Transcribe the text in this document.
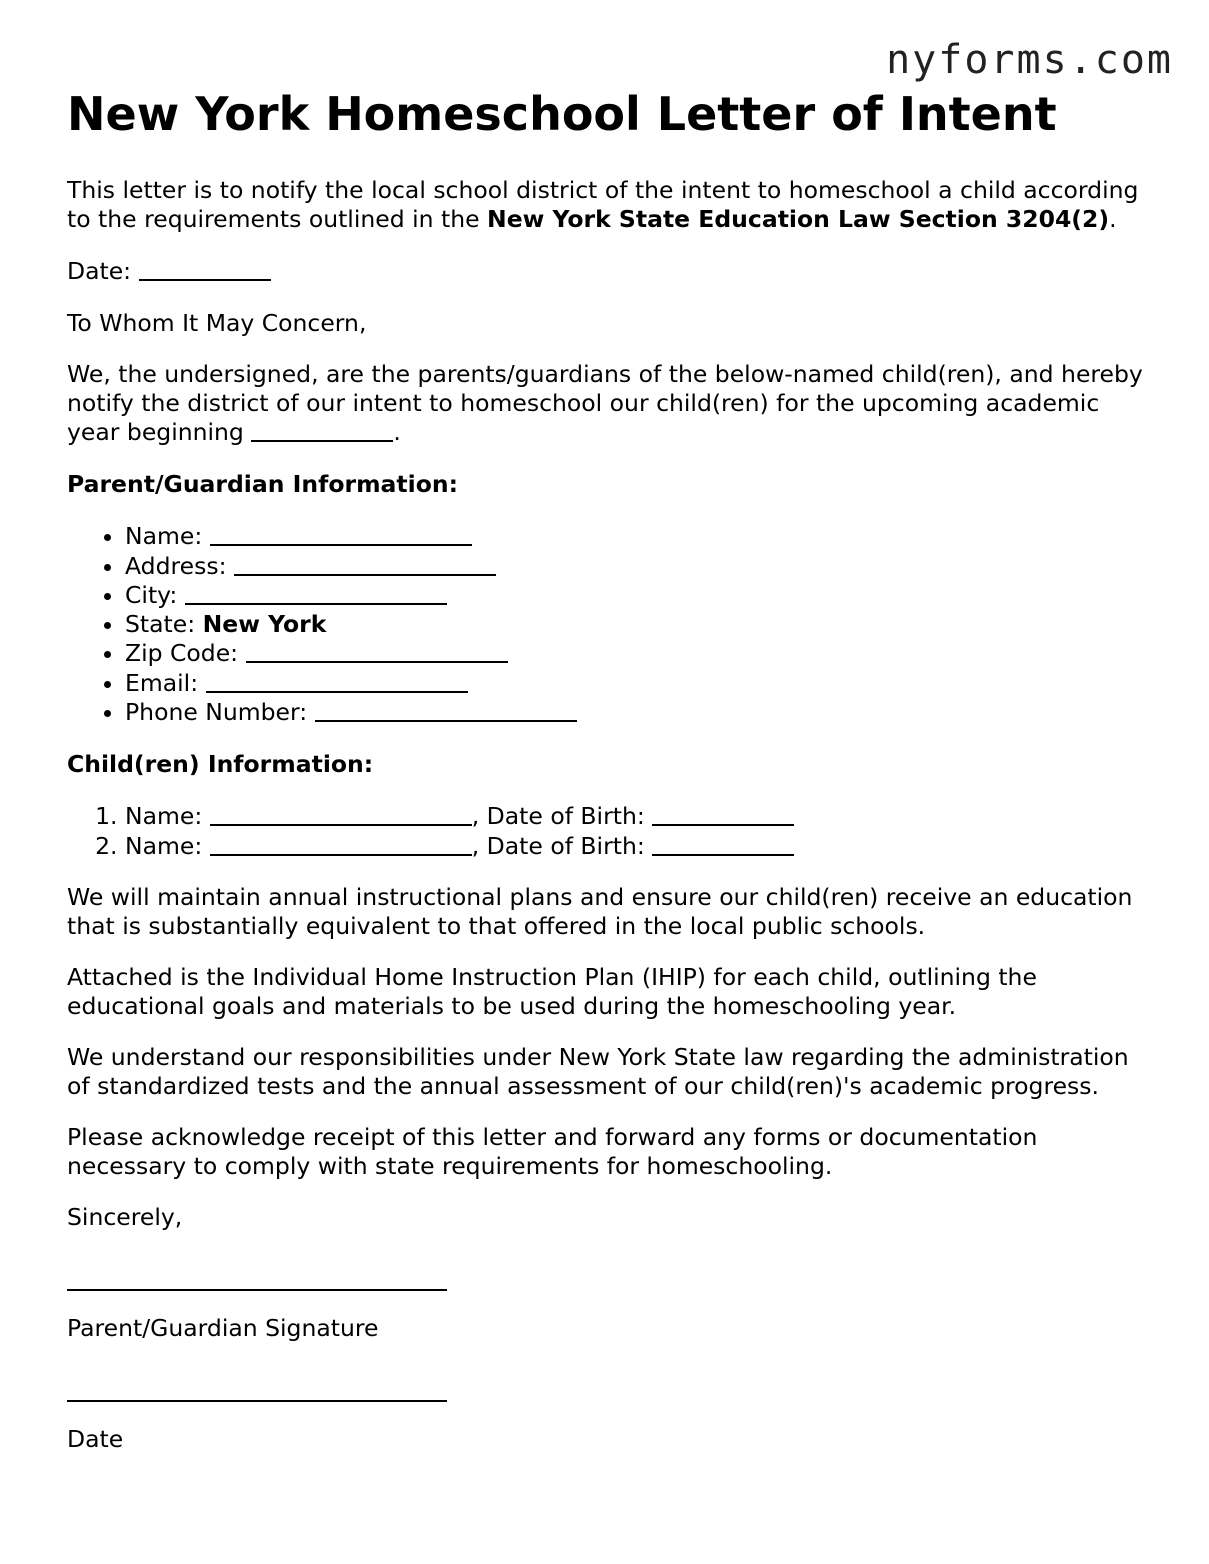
nyforms.com
New York Homeschool Letter of Intent

This letter is to notify the local school district of the intent to homeschool a child according to the requirements outlined in the New York State Education Law Section 3204(2).

Date:

To Whom It May Concern,

We, the undersigned, are the parents/guardians of the below-named child(ren), and hereby notify the district of our intent to homeschool our child(ren) for the upcoming academic year beginning	.

Parent/Guardian Information:

• Name:
• Address:
• City:
• State: New York
• Zip Code:
• Email:
• Phone Number:

Child(ren) Information:

1. Name:	, Date of Birth:
2. Name:	, Date of Birth:

We will maintain annual instructional plans and ensure our child(ren) receive an education that is substantially equivalent to that offered in the local public schools.

Attached is the Individual Home Instruction Plan (IHIP) for each child, outlining the educational goals and materials to be used during the homeschooling year.

We understand our responsibilities under New York State law regarding the administration of standardized tests and the annual assessment of our child(ren)'s academic progress.

Please acknowledge receipt of this letter and forward any forms or documentation necessary to comply with state requirements for homeschooling.

Sincerely,

Parent/Guardian Signature

Date
